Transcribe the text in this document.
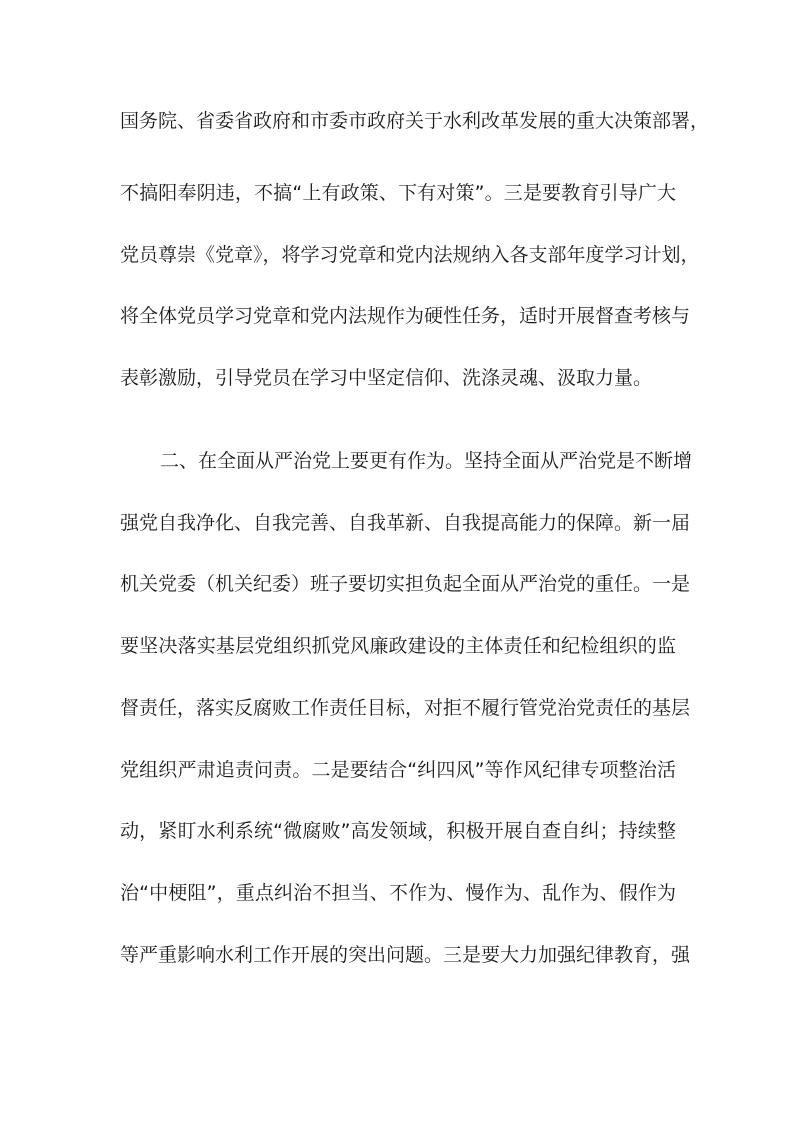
国务院、省委省政府和市委市政府关于水利改革发展的重大决策部署，
不搞阳奉阴违，不搞“上有政策、下有对策”。三是要教育引导广大
党员尊崇《党章》，将学习党章和党内法规纳入各支部年度学习计划，
将全体党员学习党章和党内法规作为硬性任务，适时开展督查考核与
表彰激励，引导党员在学习中坚定信仰、洗涤灵魂、汲取力量。
二、在全面从严治党上要更有作为。坚持全面从严治党是不断增
强党自我净化、自我完善、自我革新、自我提高能力的保障。新一届
机关党委（机关纪委）班子要切实担负起全面从严治党的重任。一是
要坚决落实基层党组织抓党风廉政建设的主体责任和纪检组织的监
督责任，落实反腐败工作责任目标，对拒不履行管党治党责任的基层
党组织严肃追责问责。二是要结合“纠四风”等作风纪律专项整治活
动，紧盯水利系统“微腐败”高发领域，积极开展自查自纠；持续整
治“中梗阻”，重点纠治不担当、不作为、慢作为、乱作为、假作为
等严重影响水利工作开展的突出问题。三是要大力加强纪律教育，强
